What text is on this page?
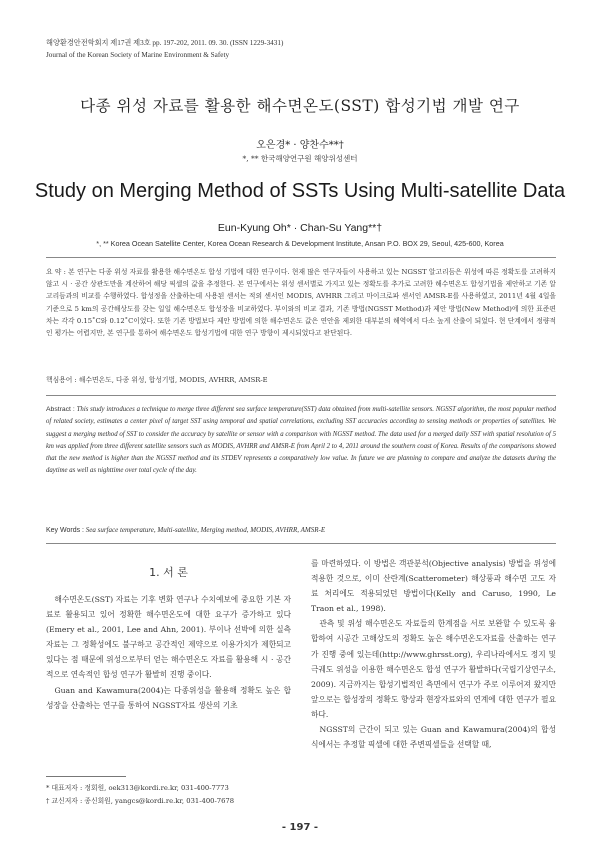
해양환경안전학회지 제17권 제3호 pp. 197-202, 2011. 09. 30. (ISSN 1229-3431)
Journal of the Korean Society of Marine Environment & Safety
다종 위성 자료를 활용한 해수면온도(SST) 합성기법 개발 연구
오은경* · 양찬수**†
*, ** 한국해양연구원 해양위성센터
Study on Merging Method of SSTs Using Multi-satellite Data
Eun-Kyung Oh* · Chan-Su Yang**†
*, ** Korea Ocean Satellite Center, Korea Ocean Research & Development Institute, Ansan P.O. BOX 29, Seoul, 425-600, Korea
요 약 : 본 연구는 다종 위성 자료를 활용한 해수면온도 합성 기법에 대한 연구이다. 현재 많은 연구자들이 사용하고 있는 NGSST 알고리듬은 위성에 따른 정확도를 고려하지 않고 시 · 공간 상관도만을 계산하여 해당 픽셀의 값을 추정한다. 본 연구에서는 위성 센서별로 가지고 있는 정확도를 추가로 고려한 해수면온도 합성기법을 제안하고 기존 알고리듬과의 비교를 수행하였다. 합성정을 산출하는데 사용된 센서는 적외 센서인 MODIS, AVHRR 그리고 마이크로파 센서인 AMSR-E를 사용하였고, 2011년 4월 4일을 기준으로 5 km의 공간해상도를 갖는 일일 해수면온도 합성장을 비교하였다. 부이와의 비교 결과, 기존 방법(NGSST Method)과 제안 방법(New Method)에 의한 표준편차는 각각 0.15˚C와 0.12˚C이었다. 또한 기존 방법보다 제안 방법에 의한 해수면온도 값은 연안을 제외한 대부분의 해역에서 다소 높게 산출이 되었다. 현 단계에서 정량적인 평가는 어렵지만, 본 연구를 통하여 해수면온도 합성기법에 대한 연구 방향이 제시되었다고 판단된다.
핵심용어 : 해수면온도, 다종 위성, 합성기법, MODIS, AVHRR, AMSR-E
Abstract : This study introduces a technique to merge three different sea surface temperature(SST) data obtained from multi-satellite sensors. NGSST algorithm, the most popular method of related society, estimates a center pixel of target SST using temporal and spatial correlations, excluding SST accuracies according to sensing methods or properties of satellites. We suggest a merging method of SST to consider the accuracy by satellite or sensor with a comparison with NGSST method. The data used for a merged daily SST with spatial resolution of 5 km was applied from three different satellite sensors such as MODIS, AVHRR and AMSR-E from April 2 to 4, 2011 around the southern coast of Korea. Results of the comparisons showed that the new method is higher than the NGSST method and its STDEV represents a comparatively low value. In future we are planning to compare and analyze the datasets during the daytime as well as nighttime over total cycle of the day.
Key Words : Sea surface temperature, Multi-satellite, Merging method, MODIS, AVHRR, AMSR-E
1. 서 론

해수면온도(SST) 자료는 기후 변화 연구나 수치예보에 중요한 기본 자료로 활용되고 있어 정확한 해수면온도에 대한 요구가 증가하고 있다(Emery et al., 2001, Lee and Ahn, 2001). 부이나 선박에 의한 실측 자료는 그 정확성에도 불구하고 공간적인 제약으로 이용가치가 제한되고 있다는 점 때문에 위성으로부터 얻는 해수면온도 자료를 활용해 시 · 공간적으로 연속적인 합성 연구가 활발히 진행 중이다.

Guan and Kawamura(2004)는 다종위성을 활용해 정확도 높은 합성장을 산출하는 연구를 통하여 NGSST자료 생산의 기초

를 마련하였다. 이 방법은 객관분석(Objective analysis) 방법을 위성에 적용한 것으로, 이미 산란계(Scatterometer) 해상풍과 해수면 고도 자료 처리에도 적용되었던 방법이다(Kelly and Caruso, 1990, Le Traon et al., 1998).

관측 및 위성 해수면온도 자료들의 한계점을 서로 보완할 수 있도록 융합하여 시공간 고해상도의 정확도 높은 해수면온도자료를 산출하는 연구가 진행 중에 있는데(http://www.ghrsst.org), 우리나라에서도 정지 및 극궤도 위성을 이용한 해수면온도 합성 연구가 활발하다(국립기상연구소, 2009). 지금까지는 합성기법적인 측면에서 연구가 주로 이루어져 왔지만 앞으로는 합성장의 정확도 향상과 현장자료와의 연계에 대한 연구가 필요하다.

NGSST의 근간이 되고 있는 Guan and Kawamura(2004)의 합성식에서는 추정할 픽셀에 대한 주변픽셀들을 선택할 때,

* 대표저자 : 정회원, oek313@kordi.re.kr, 031-400-7773
† 교신저자 : 종신회원, yangcs@kordi.re.kr, 031-400-7678
- 197 -
